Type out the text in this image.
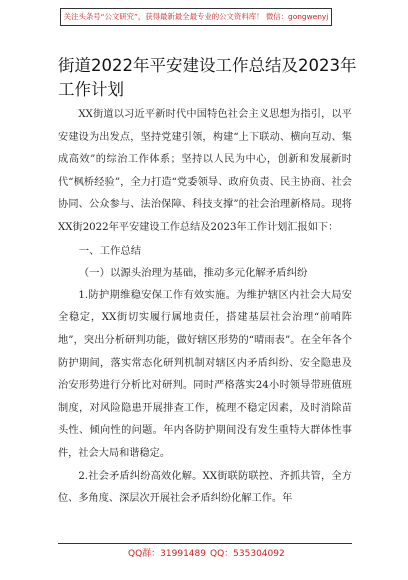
关注头条号“公文研究”，获得最新最全最专业的公文资料库！ 微信：gongwenyj
街道2022年平安建设工作总结及2023年工作计划

XX街道以习近平新时代中国特色社会主义思想为指引，以平安建设为出发点，坚持党建引领，构建“上下联动、横向互动、集成高效”的综治工作体系；坚持以人民为中心，创新和发展新时代“枫桥经验”，全力打造“党委领导、政府负责、民主协商、社会协同、公众参与、法治保障、科技支撑”的社会治理新格局。现将XX街2022年平安建设工作总结及2023年工作计划汇报如下：

一、工作总结
（一）以源头治理为基础，推动多元化解矛盾纠纷

1.防护期维稳安保工作有效实施。为维护辖区内社会大局安全稳定，XX街切实履行属地责任，搭建基层社会治理“前哨阵地”，突出分析研判功能，做好辖区形势的“晴雨表”。在全年各个防护期间，落实常态化研判机制对辖区内矛盾纠纷、安全隐患及治安形势进行分析比对研判。同时严格落实24小时领导带班值班制度，对风险隐患开展排查工作，梳理不稳定因素，及时消除苗头性、倾向性的问题。年内各防护期间没有发生重特大群体性事件，社会大局和谐稳定。

2.社会矛盾纠纷高效化解。XX街联防联控、齐抓共管，全方位、多角度、深层次开展社会矛盾纠纷化解工作。年

QQ群：31991489 QQ：535304092
